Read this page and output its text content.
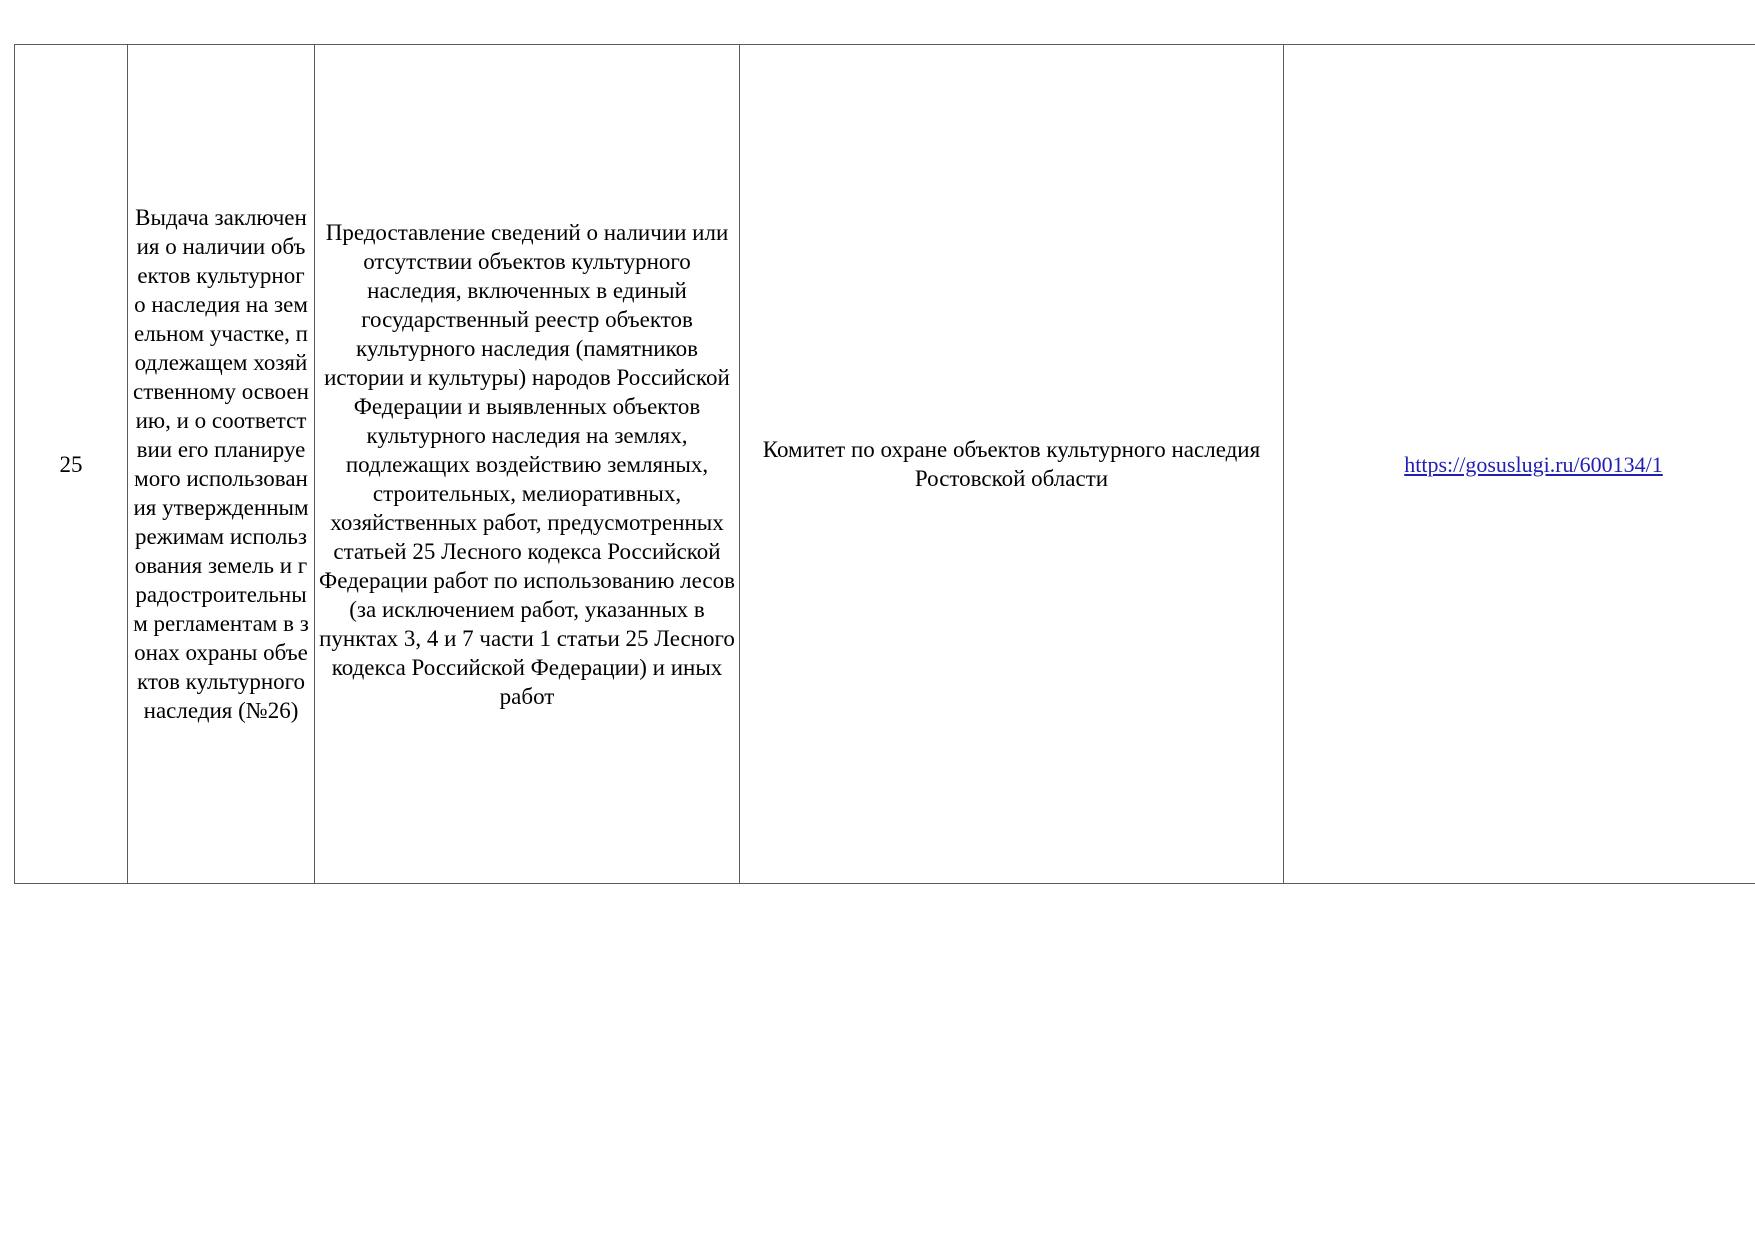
25	Выдача заключения о наличии объектов культурного наследия на земельном участке, подлежащем хозяйственному освоению, и о соответствии его планируемого использования утвержденным режимам использования земель и градостроительным регламентам в зонах охраны объектов культурного наследия (№26)	Предоставление сведений о наличии или отсутствии объектов культурного наследия, включенных в единый государственный реестр объектов культурного наследия (памятников истории и культуры) народов Российской Федерации и выявленных объектов культурного наследия на землях, подлежащих воздействию земляных, строительных, мелиоративных, хозяйственных работ, предусмотренных статьей 25 Лесного кодекса Российской Федерации работ по использованию лесов (за исключением работ, указанных в пунктах 3, 4 и 7 части 1 статьи 25 Лесного кодекса Российской Федерации) и иных работ	Комитет по охране объектов культурного наследия Ростовской области	https://gosuslugi.ru/600134/1
